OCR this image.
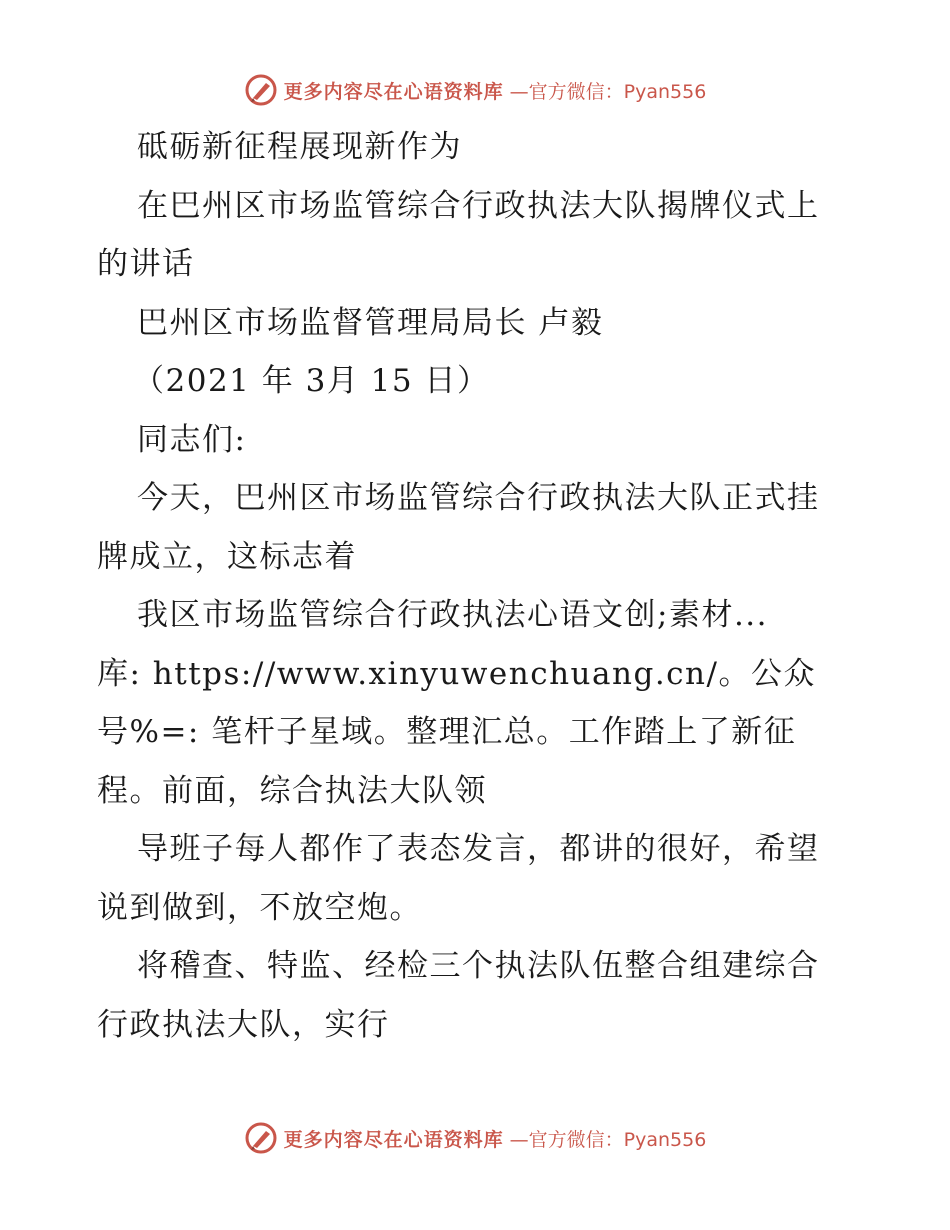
更多内容尽在心语资料库 —官方微信：Pyan556
砥砺新征程展现新作为
在巴州区市场监管综合行政执法大队揭牌仪式上
的讲话
巴州区市场监督管理局局长 卢毅
（2021 年 3月 15 日）
同志们:
今天，巴州区市场监管综合行政执法大队正式挂
牌成立，这标志着
我区市场监管综合行政执法心语文创;素材...
库: https://www.xinyuwenchuang.cn/。公众
号%=: 笔杆子星域。整理汇总。工作踏上了新征
程。前面，综合执法大队领
导班子每人都作了表态发言，都讲的很好，希望
说到做到，不放空炮。
将稽查、特监、经检三个执法队伍整合组建综合
行政执法大队，实行
更多内容尽在心语资料库 —官方微信：Pyan556
